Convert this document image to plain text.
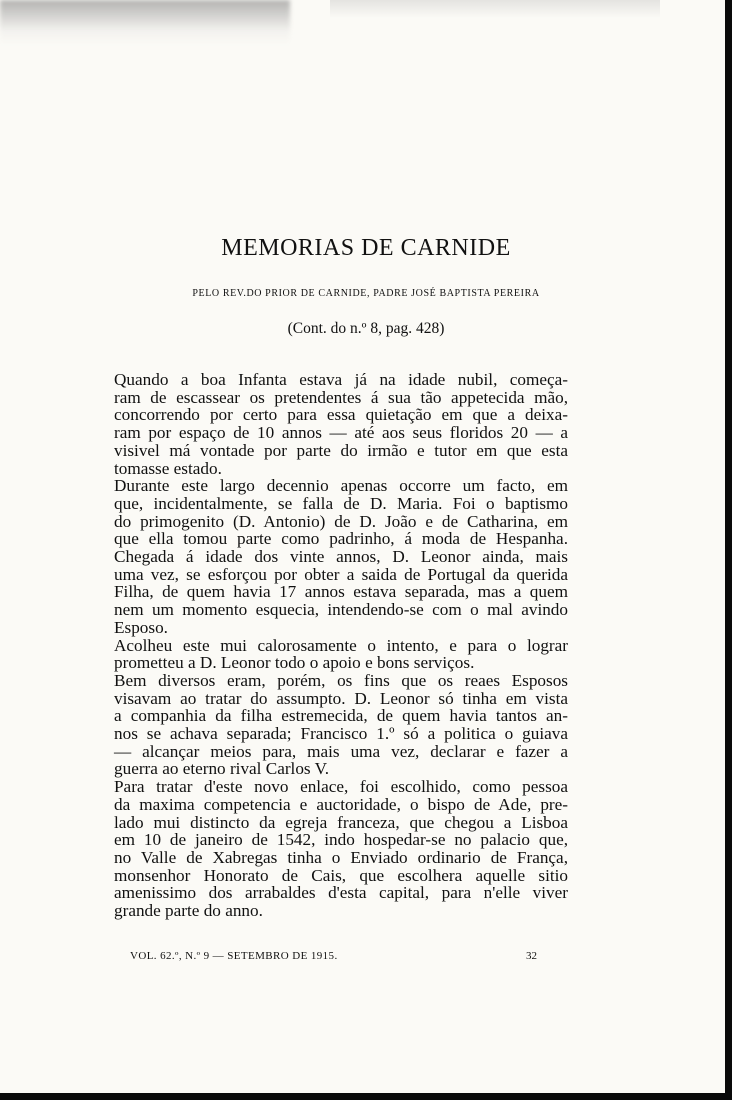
MEMORIAS DE CARNIDE
PELO REV.DO PRIOR DE CARNIDE, PADRE JOSÉ BAPTISTA PEREIRA
(Cont. do n.º 8, pag. 428)
Quando a boa Infanta estava já na idade nubil, começa-
ram de escassear os pretendentes á sua tão appetecida mão,
concorrendo por certo para essa quietação em que a deixa-
ram por espaço de 10 annos — até aos seus floridos 20 — a
visivel má vontade por parte do irmão e tutor em que esta
tomasse estado.
Durante este largo decennio apenas occorre um facto, em
que, incidentalmente, se falla de D. Maria. Foi o baptismo
do primogenito (D. Antonio) de D. João e de Catharina, em
que ella tomou parte como padrinho, á moda de Hespanha.
Chegada á idade dos vinte annos, D. Leonor ainda, mais
uma vez, se esforçou por obter a saida de Portugal da querida
Filha, de quem havia 17 annos estava separada, mas a quem
nem um momento esquecia, intendendo-se com o mal avindo
Esposo.
Acolheu este mui calorosamente o intento, e para o lograr
prometteu a D. Leonor todo o apoio e bons serviços.
Bem diversos eram, porém, os fins que os reaes Esposos
visavam ao tratar do assumpto. D. Leonor só tinha em vista
a companhia da filha estremecida, de quem havia tantos an-
nos se achava separada; Francisco 1.º só a politica o guiava
— alcançar meios para, mais uma vez, declarar e fazer a
guerra ao eterno rival Carlos V.
Para tratar d'este novo enlace, foi escolhido, como pessoa
da maxima competencia e auctoridade, o bispo de Ade, pre-
lado mui distincto da egreja franceza, que chegou a Lisboa
em 10 de janeiro de 1542, indo hospedar-se no palacio que,
no Valle de Xabregas tinha o Enviado ordinario de França,
monsenhor Honorato de Cais, que escolhera aquelle sitio
amenissimo dos arrabaldes d'esta capital, para n'elle viver
grande parte do anno.
VOL. 62.º, N.º 9 — SETEMBRO DE 1915.	32
